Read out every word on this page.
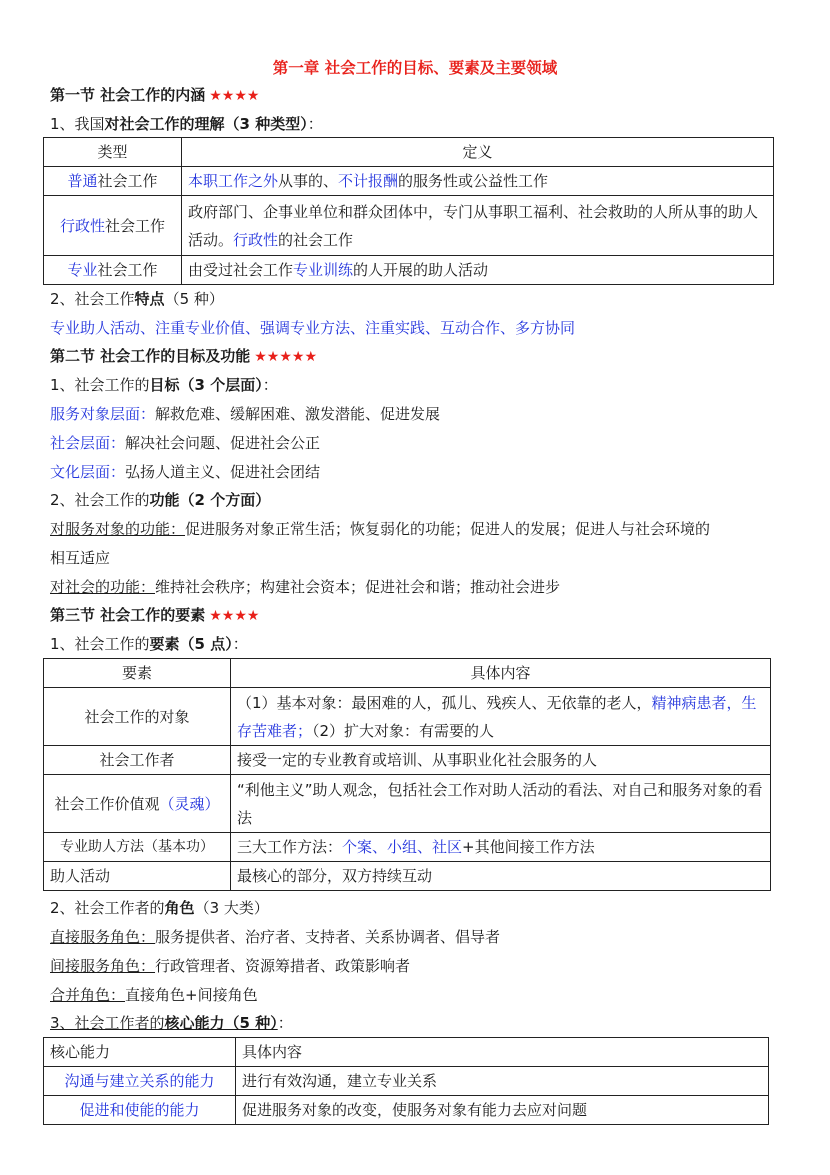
第一章 社会工作的目标、要素及主要领域
第一节 社会工作的内涵 ★★★★
1、我国对社会工作的理解（3 种类型）：
类型	定义
普通社会工作	本职工作之外从事的、不计报酬的服务性或公益性工作
行政性社会工作	政府部门、企事业单位和群众团体中，专门从事职工福利、社会救助的人所从事的助人活动。行政性的社会工作
专业社会工作	由受过社会工作专业训练的人开展的助人活动
2、社会工作特点（5 种）
专业助人活动、注重专业价值、强调专业方法、注重实践、互动合作、多方协同
第二节 社会工作的目标及功能 ★★★★★
1、社会工作的目标（3 个层面）：
服务对象层面：解救危难、缓解困难、激发潜能、促进发展
社会层面：解决社会问题、促进社会公正
文化层面：弘扬人道主义、促进社会团结
2、社会工作的功能（2 个方面）
对服务对象的功能：促进服务对象正常生活；恢复弱化的功能；促进人的发展；促进人与社会环境的
相互适应
对社会的功能：维持社会秩序；构建社会资本；促进社会和谐；推动社会进步
第三节 社会工作的要素 ★★★★
1、社会工作的要素（5 点）：
要素	具体内容
社会工作的对象	（1）基本对象：最困难的人，孤儿、残疾人、无依靠的老人，精神病患者，生存苦难者；（2）扩大对象：有需要的人
社会工作者	接受一定的专业教育或培训、从事职业化社会服务的人
社会工作价值观（灵魂）	“利他主义”助人观念，包括社会工作对助人活动的看法、对自己和服务对象的看法
专业助人方法（基本功）	三大工作方法：个案、小组、社区+其他间接工作方法
助人活动	最核心的部分，双方持续互动
2、社会工作者的角色（3 大类）
直接服务角色：服务提供者、治疗者、支持者、关系协调者、倡导者
间接服务角色：行政管理者、资源筹措者、政策影响者
合并角色：直接角色+间接角色
3、社会工作者的核心能力（5 种）：
核心能力	具体内容
沟通与建立关系的能力	进行有效沟通，建立专业关系
促进和使能的能力	促进服务对象的改变，使服务对象有能力去应对问题
